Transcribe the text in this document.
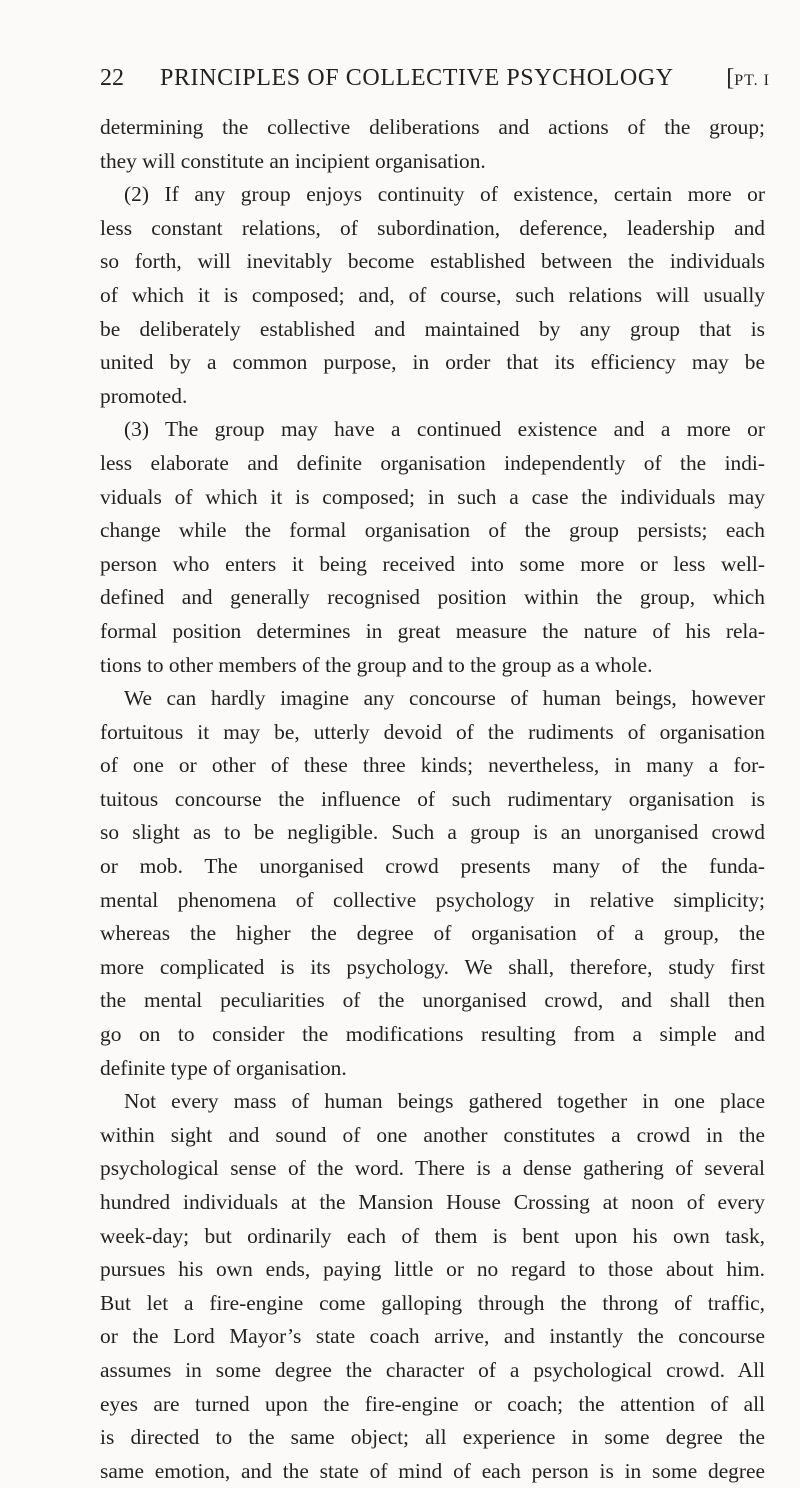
22 PRINCIPLES OF COLLECTIVE PSYCHOLOGY [PT. I
determining the collective deliberations and actions of the group;
they will constitute an incipient organisation.
(2) If any group enjoys continuity of existence, certain more or
less constant relations, of subordination, deference, leadership and
so forth, will inevitably become established between the individuals
of which it is composed; and, of course, such relations will usually
be deliberately established and maintained by any group that is
united by a common purpose, in order that its efficiency may be
promoted.
(3) The group may have a continued existence and a more or
less elaborate and definite organisation independently of the indi-
viduals of which it is composed; in such a case the individuals may
change while the formal organisation of the group persists; each
person who enters it being received into some more or less well-
defined and generally recognised position within the group, which
formal position determines in great measure the nature of his rela-
tions to other members of the group and to the group as a whole.
We can hardly imagine any concourse of human beings, however
fortuitous it may be, utterly devoid of the rudiments of organisation
of one or other of these three kinds; nevertheless, in many a for-
tuitous concourse the influence of such rudimentary organisation is
so slight as to be negligible. Such a group is an unorganised crowd
or mob. The unorganised crowd presents many of the funda-
mental phenomena of collective psychology in relative simplicity;
whereas the higher the degree of organisation of a group, the
more complicated is its psychology. We shall, therefore, study first
the mental peculiarities of the unorganised crowd, and shall then
go on to consider the modifications resulting from a simple and
definite type of organisation.
Not every mass of human beings gathered together in one place
within sight and sound of one another constitutes a crowd in the
psychological sense of the word. There is a dense gathering of several
hundred individuals at the Mansion House Crossing at noon of every
week-day; but ordinarily each of them is bent upon his own task,
pursues his own ends, paying little or no regard to those about him.
But let a fire-engine come galloping through the throng of traffic,
or the Lord Mayor’s state coach arrive, and instantly the concourse
assumes in some degree the character of a psychological crowd. All
eyes are turned upon the fire-engine or coach; the attention of all
is directed to the same object; all experience in some degree the
same emotion, and the state of mind of each person is in some degree
